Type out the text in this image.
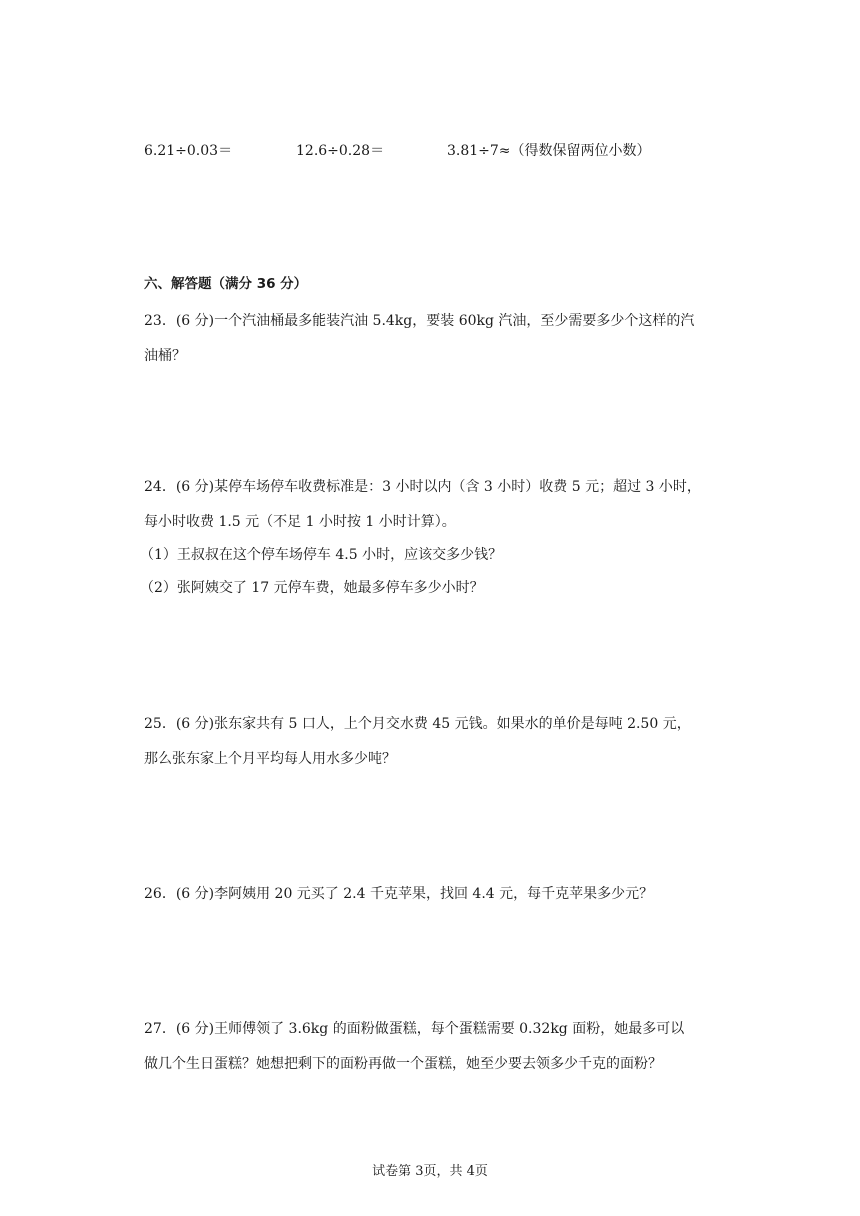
6.21÷0.03＝	12.6÷0.28＝	3.81÷7≈（得数保留两位小数）
六、解答题（满分 36 分）
23．(6 分)一个汽油桶最多能装汽油 5.4kg，要装 60kg 汽油，至少需要多少个这样的汽
油桶？
24．(6 分)某停车场停车收费标准是：3 小时以内（含 3 小时）收费 5 元；超过 3 小时，
每小时收费 1.5 元（不足 1 小时按 1 小时计算）。
（1）王叔叔在这个停车场停车 4.5 小时，应该交多少钱？
（2）张阿姨交了 17 元停车费，她最多停车多少小时？
25．(6 分)张东家共有 5 口人，上个月交水费 45 元钱。如果水的单价是每吨 2.50 元，
那么张东家上个月平均每人用水多少吨？
26．(6 分)李阿姨用 20 元买了 2.4 千克苹果，找回 4.4 元，每千克苹果多少元？
27．(6 分)王师傅领了 3.6kg 的面粉做蛋糕，每个蛋糕需要 0.32kg 面粉，她最多可以
做几个生日蛋糕？她想把剩下的面粉再做一个蛋糕，她至少要去领多少千克的面粉？
试卷第 3页，共 4页
